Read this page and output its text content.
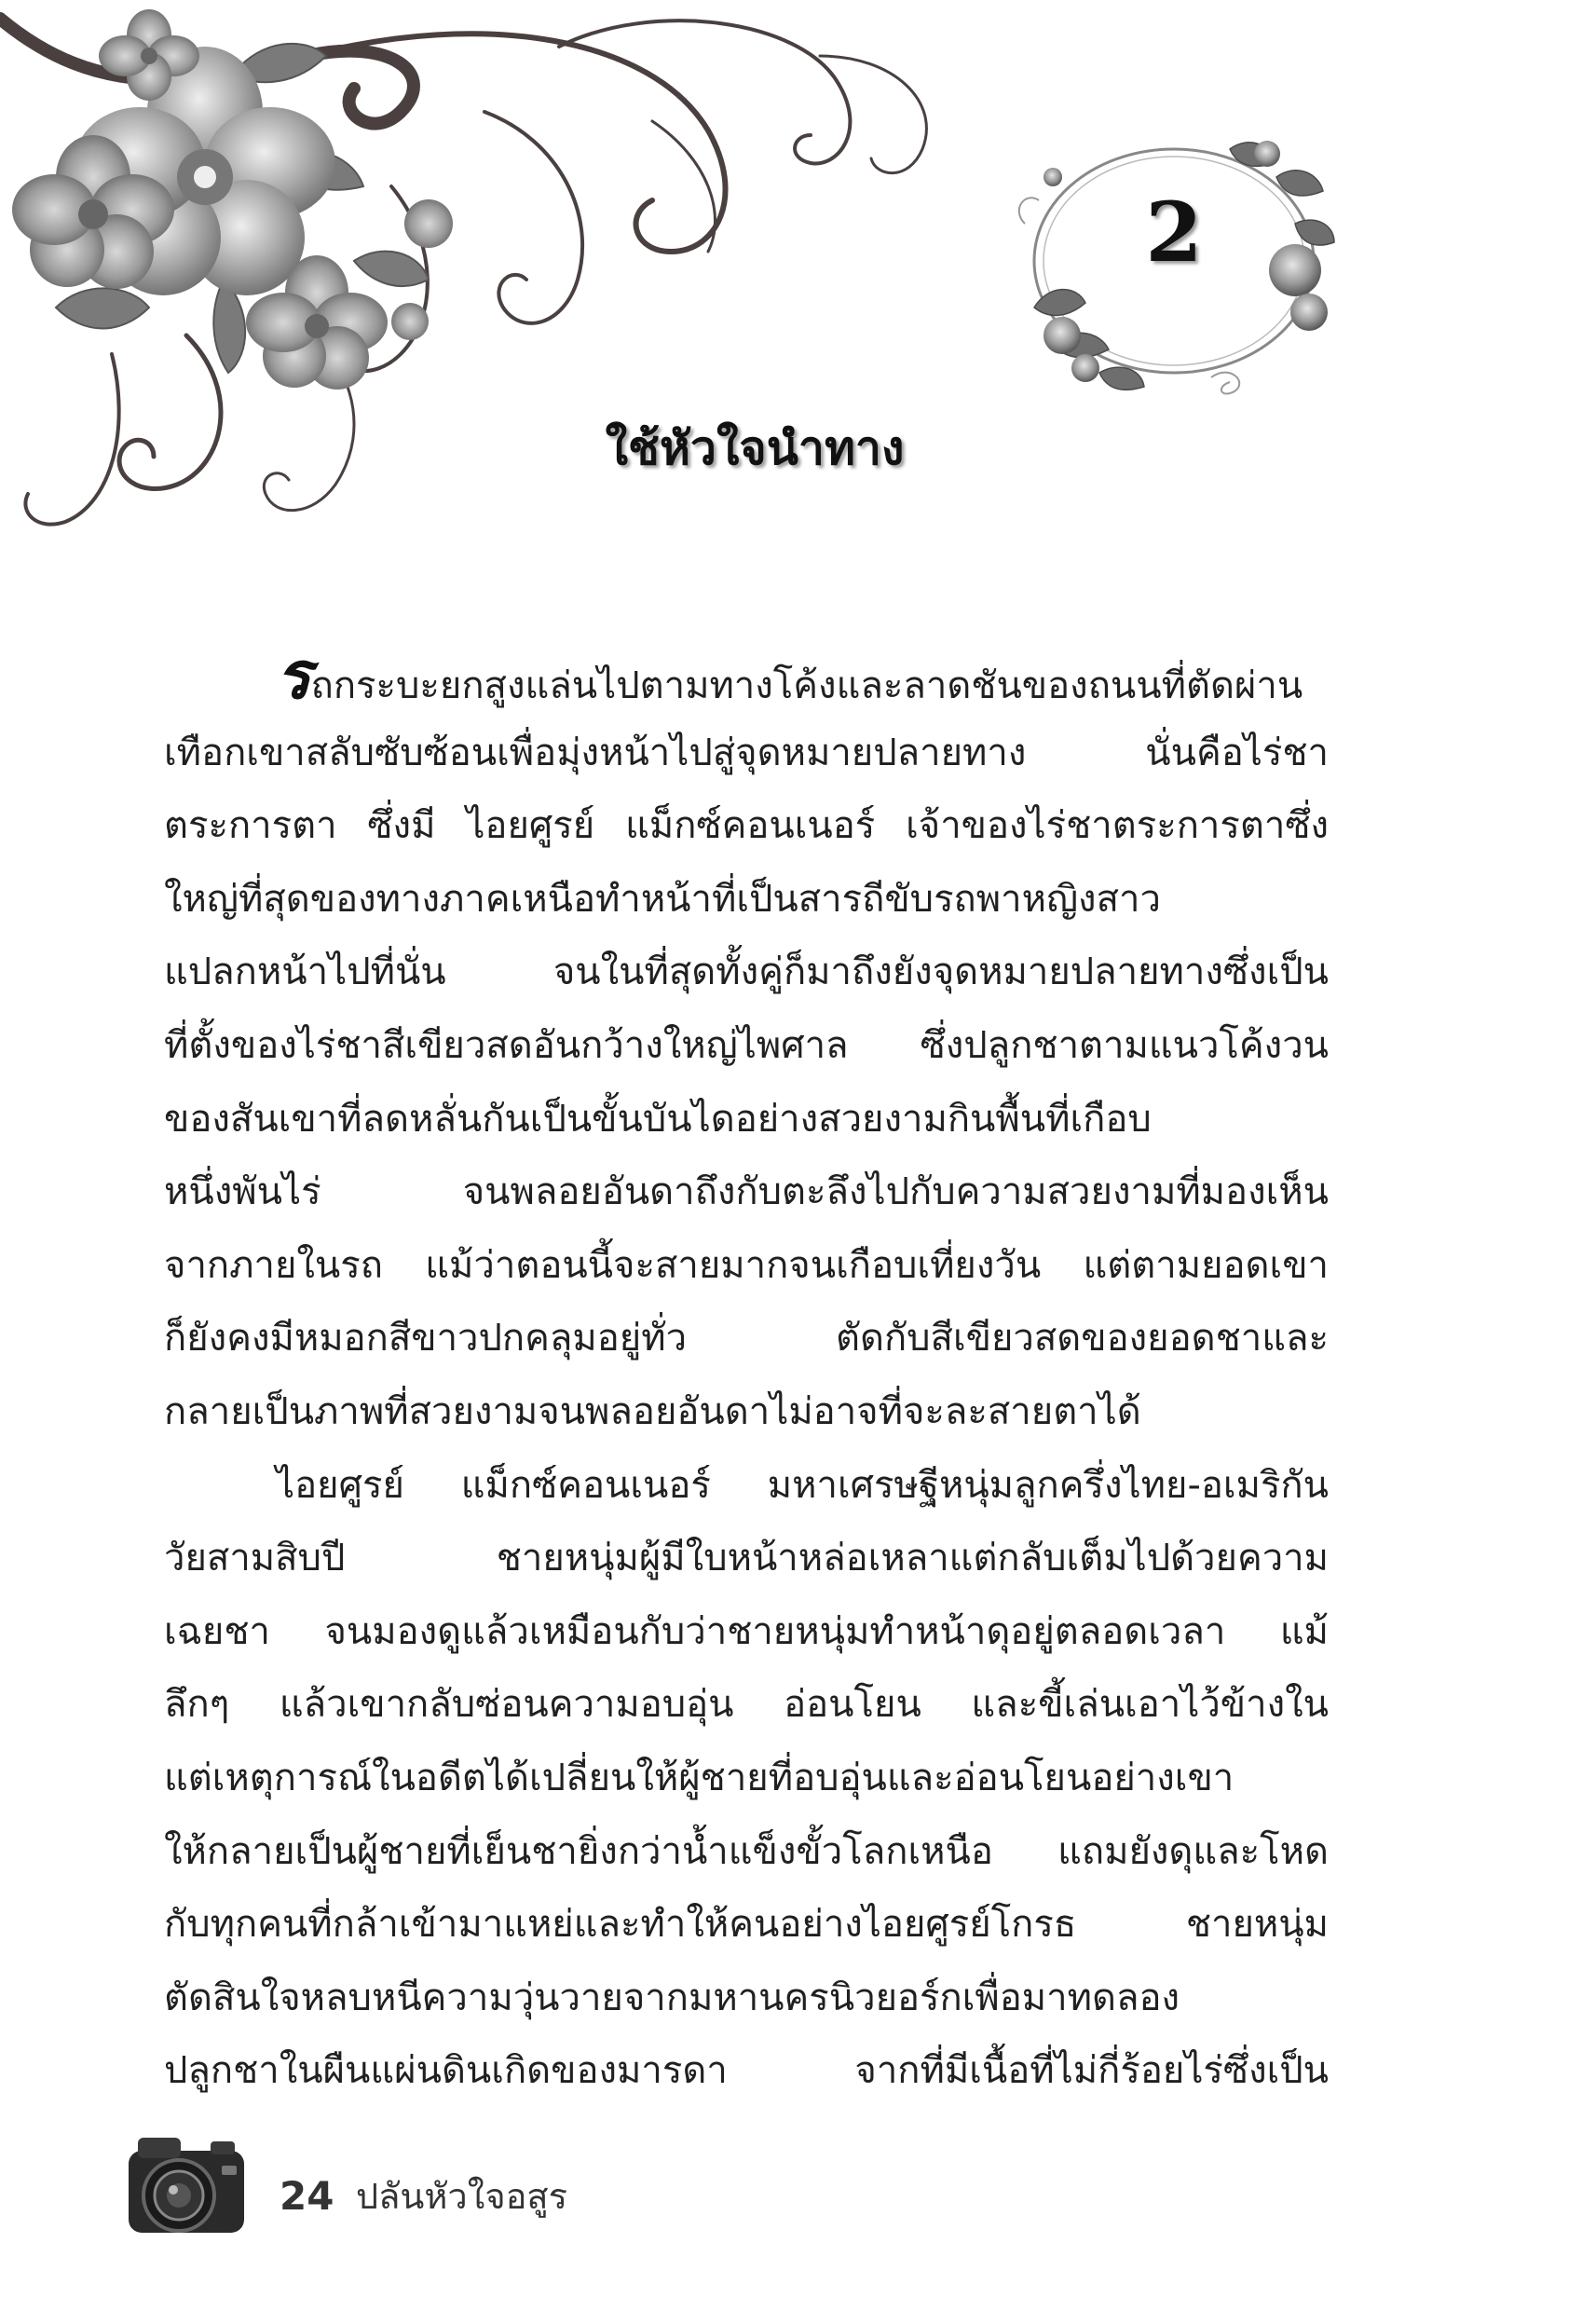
2
ใช้หัวใจนำทาง
รถกระบะยกสูงแล่นไปตามทางโค้งและลาดชันของถนนที่ตัดผ่าน
เทือกเขาสลับซับซ้อนเพื่อมุ่งหน้าไปสู่จุดหมายปลายทาง นั่นคือไร่ชา
ตระการตา ซึ่งมี ไอยศูรย์ แม็กซ์คอนเนอร์ เจ้าของไร่ชาตระการตาซึ่ง
ใหญ่ที่สุดของทางภาคเหนือทำหน้าที่เป็นสารถีขับรถพาหญิงสาว
แปลกหน้าไปที่นั่น จนในที่สุดทั้งคู่ก็มาถึงยังจุดหมายปลายทางซึ่งเป็น
ที่ตั้งของไร่ชาสีเขียวสดอันกว้างใหญ่ไพศาล ซึ่งปลูกชาตามแนวโค้งวน
ของสันเขาที่ลดหลั่นกันเป็นขั้นบันไดอย่างสวยงามกินพื้นที่เกือบ
หนึ่งพันไร่ จนพลอยอันดาถึงกับตะลึงไปกับความสวยงามที่มองเห็น
จากภายในรถ แม้ว่าตอนนี้จะสายมากจนเกือบเที่ยงวัน แต่ตามยอดเขา
ก็ยังคงมีหมอกสีขาวปกคลุมอยู่ทั่ว ตัดกับสีเขียวสดของยอดชาและ
กลายเป็นภาพที่สวยงามจนพลอยอันดาไม่อาจที่จะละสายตาได้
ไอยศูรย์ แม็กซ์คอนเนอร์ มหาเศรษฐีหนุ่มลูกครึ่งไทย-อเมริกัน
วัยสามสิบปี ชายหนุ่มผู้มีใบหน้าหล่อเหลาแต่กลับเต็มไปด้วยความ
เฉยชา จนมองดูแล้วเหมือนกับว่าชายหนุ่มทำหน้าดุอยู่ตลอดเวลา แม้
ลึกๆ แล้วเขากลับซ่อนความอบอุ่น อ่อนโยน และขี้เล่นเอาไว้ข้างใน
แต่เหตุการณ์ในอดีตได้เปลี่ยนให้ผู้ชายที่อบอุ่นและอ่อนโยนอย่างเขา
ให้กลายเป็นผู้ชายที่เย็นชายิ่งกว่าน้ำแข็งขั้วโลกเหนือ แถมยังดุและโหด
กับทุกคนที่กล้าเข้ามาแหย่และทำให้คนอย่างไอยศูรย์โกรธ ชายหนุ่ม
ตัดสินใจหลบหนีความวุ่นวายจากมหานครนิวยอร์กเพื่อมาทดลอง
ปลูกชาในผืนแผ่นดินเกิดของมารดา จากที่มีเนื้อที่ไม่กี่ร้อยไร่ซึ่งเป็น
24 ปลันหัวใจอสูร
